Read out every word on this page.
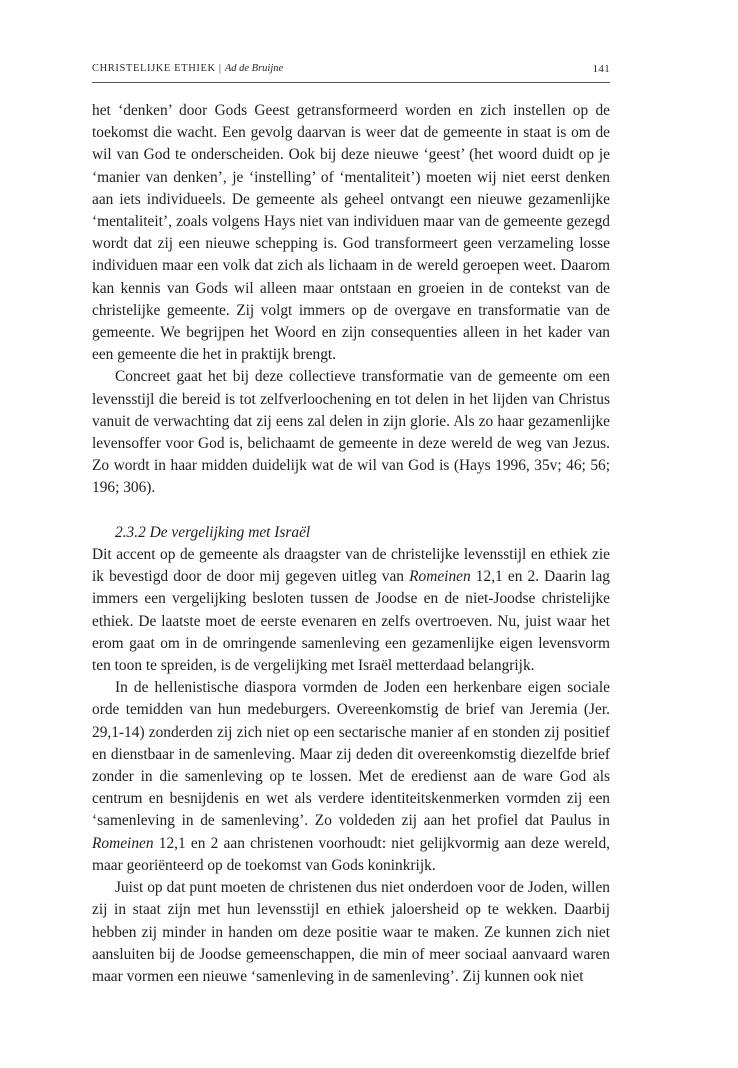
CHRISTELIJKE ETHIEK | Ad de Bruijne	141

het ‘denken’ door Gods Geest getransformeerd worden en zich instellen op de toekomst die wacht. Een gevolg daarvan is weer dat de gemeente in staat is om de wil van God te onderscheiden. Ook bij deze nieuwe ‘geest’ (het woord duidt op je ‘manier van denken’, je ‘instelling’ of ‘mentaliteit’) moeten wij niet eerst denken aan iets individueels. De gemeente als geheel ontvangt een nieuwe gezamenlijke ‘mentaliteit’, zoals volgens Hays niet van individuen maar van de gemeente gezegd wordt dat zij een nieuwe schepping is. God transformeert geen verzameling losse individuen maar een volk dat zich als lichaam in de wereld geroepen weet. Daarom kan kennis van Gods wil alleen maar ontstaan en groeien in de contekst van de christelijke gemeente. Zij volgt immers op de overgave en transformatie van de gemeente. We begrijpen het Woord en zijn consequenties alleen in het kader van een gemeente die het in praktijk brengt.

Concreet gaat het bij deze collectieve transformatie van de gemeente om een levensstijl die bereid is tot zelfverloochening en tot delen in het lijden van Christus vanuit de verwachting dat zij eens zal delen in zijn glorie. Als zo haar gezamenlijke levensoffer voor God is, belichaamt de gemeente in deze wereld de weg van Jezus. Zo wordt in haar midden duidelijk wat de wil van God is (Hays 1996, 35v; 46; 56; 196; 306).

2.3.2 De vergelijking met Israël

Dit accent op de gemeente als draagster van de christelijke levensstijl en ethiek zie ik bevestigd door de door mij gegeven uitleg van Romeinen 12,1 en 2. Daarin lag immers een vergelijking besloten tussen de Joodse en de niet-Joodse christelijke ethiek. De laatste moet de eerste evenaren en zelfs overtroeven. Nu, juist waar het erom gaat om in de omringende samenleving een gezamenlijke eigen levensvorm ten toon te spreiden, is de vergelijking met Israël metterdaad belangrijk.

In de hellenistische diaspora vormden de Joden een herkenbare eigen sociale orde temidden van hun medeburgers. Overeenkomstig de brief van Jeremia (Jer. 29,1-14) zonderden zij zich niet op een sectarische manier af en stonden zij positief en dienstbaar in de samenleving. Maar zij deden dit overeenkomstig diezelfde brief zonder in die samenleving op te lossen. Met de eredienst aan de ware God als centrum en besnijdenis en wet als verdere identiteitskenmerken vormden zij een ‘samenleving in de samenleving’. Zo voldeden zij aan het profiel dat Paulus in Romeinen 12,1 en 2 aan christenen voorhoudt: niet gelijkvormig aan deze wereld, maar georiënteerd op de toekomst van Gods koninkrijk.

Juist op dat punt moeten de christenen dus niet onderdoen voor de Joden, willen zij in staat zijn met hun levensstijl en ethiek jaloersheid op te wekken. Daarbij hebben zij minder in handen om deze positie waar te maken. Ze kunnen zich niet aansluiten bij de Joodse gemeenschappen, die min of meer sociaal aanvaard waren maar vormen een nieuwe ‘samenleving in de samenleving’. Zij kunnen ook niet
